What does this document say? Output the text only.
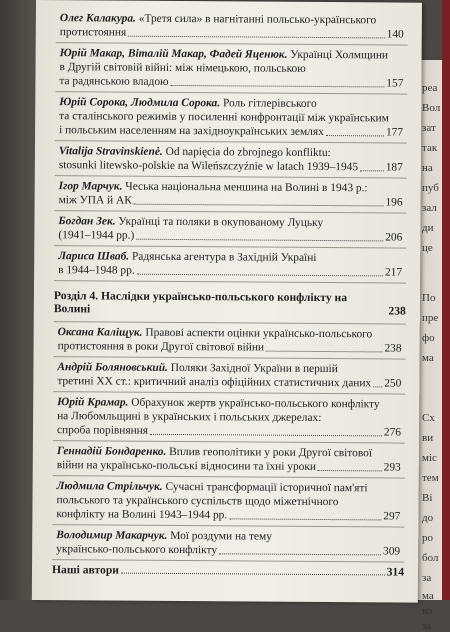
реа
Вол
зат
так
на
пуб
зал
ди
це
По
пре
фо
ма
Сх
ви
міс
тем
Ві
до
ро
бол
за
ма
ко
за
Олег Калакура. «Третя сила» в нагнітанні польсько-українського
протистояння	140
Юрій Макар, Віталій Макар, Фадей Яценюк. Українці Холмщини
в Другій світовій війні: між німецькою, польською
та радянською владою	157
Юрій Сорока, Людмила Сорока. Роль гітлерівського
та сталінського режимів у посиленні конфронтації між українським
і польським населенням на західноукраїнських землях	177
Vitalija Stravinskienė. Od napięcia do zbrojnego konfliktu:
stosunki litewsko-polskie na Wileńszczyźnie w latach 1939–1945 187
Ігор Марчук. Чеська національна меншина на Волині в 1943 р.:
між УПА й АК	196
Богдан Зек. Українці та поляки в окупованому Луцьку
(1941–1944 рр.)	206
Лариса Шваб. Радянська агентура в Західній Україні
в 1944–1948 рр.	217
Розділ 4. Наслідки українсько-польського конфлікту на Волині	238
Оксана Каліщук. Правові аспекти оцінки українсько-польського
протистояння в роки Другої світової війни	238
Андрій Боляновський. Поляки Західної України в першій
третині ХХ ст.: критичний аналіз офіційних статистичних даних 250
Юрій Крамар. Обрахунок жертв українсько-польського конфлікту
на Любомльщині в українських і польських джерелах:
спроба порівняння	276
Геннадій Бондаренко. Вплив геополітики у роки Другої світової
війни на українсько-польські відносини та їхні уроки	293
Людмила Стрільчук. Сучасні трансформації історичної пам'яті
польського та українського суспільств щодо міжетнічного
конфлікту на Волині 1943–1944 рр.	297
Володимир Макарчук. Мої роздуми на тему
українсько-польського конфлікту	309
Наші автори	314
